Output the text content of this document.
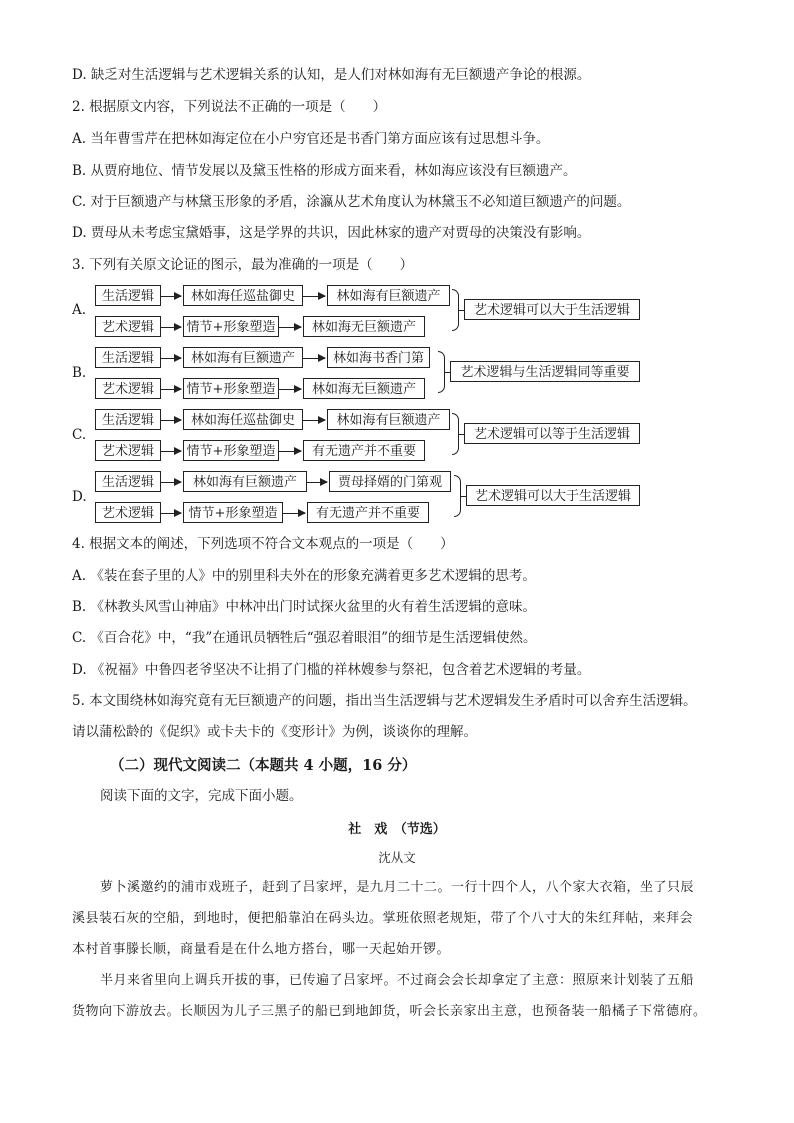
D. 缺乏对生活逻辑与艺术逻辑关系的认知，是人们对林如海有无巨额遗产争论的根源。
2. 根据原文内容，下列说法不正确的一项是（　　）
A. 当年曹雪芹在把林如海定位在小户穷官还是书香门第方面应该有过思想斗争。
B. 从贾府地位、情节发展以及黛玉性格的形成方面来看，林如海应该没有巨额遗产。
C. 对于巨额遗产与林黛玉形象的矛盾，涂瀛从艺术角度认为林黛玉不必知道巨额遗产的问题。
D. 贾母从未考虑宝黛婚事，这是学界的共识，因此林家的遗产对贾母的决策没有影响。
3. 下列有关原文论证的图示，最为准确的一项是（　　）
A.
生活逻辑	林如海任巡盐御史	林如海有巨额遗产
艺术逻辑	情节+形象塑造	林如海无巨额遗产
艺术逻辑可以大于生活逻辑
B.
生活逻辑	林如海有巨额遗产	林如海书香门第
艺术逻辑	情节+形象塑造	林如海无巨额遗产
艺术逻辑与生活逻辑同等重要
C.
生活逻辑	林如海任巡盐御史	林如海有巨额遗产
艺术逻辑	情节+形象塑造	有无遗产并不重要
艺术逻辑可以等于生活逻辑
D.
生活逻辑	林如海有巨额遗产	贾母择婿的门第观
艺术逻辑	情节+形象塑造	有无遗产并不重要
艺术逻辑可以大于生活逻辑
4. 根据文本的阐述，下列选项不符合文本观点的一项是（　　）
A. 《装在套子里的人》中的别里科夫外在的形象充满着更多艺术逻辑的思考。
B. 《林教头风雪山神庙》中林冲出门时试探火盆里的火有着生活逻辑的意味。
C. 《百合花》中，“我”在通讯员牺牲后“强忍着眼泪”的细节是生活逻辑使然。
D. 《祝福》中鲁四老爷坚决不让捐了门槛的祥林嫂参与祭祀，包含着艺术逻辑的考量。
5. 本文围绕林如海究竟有无巨额遗产的问题，指出当生活逻辑与艺术逻辑发生矛盾时可以舍弃生活逻辑。
请以蒲松龄的《促织》或卡夫卡的《变形计》为例，谈谈你的理解。
（二）现代文阅读二（本题共 4 小题，16 分）
阅读下面的文字，完成下面小题。
社　戏　（节选）
沈从文
萝卜溪邀约的浦市戏班子，赶到了吕家坪，是九月二十二。一行十四个人，八个家大衣箱，坐了只辰
溪县装石灰的空船，到地时，便把船靠泊在码头边。掌班依照老规矩，带了个八寸大的朱红拜帖，来拜会
本村首事滕长顺，商量看是在什么地方搭台，哪一天起始开锣。
半月来省里向上调兵开拔的事，已传遍了吕家坪。不过商会会长却拿定了主意：照原来计划装了五船
货物向下游放去。长顺因为儿子三黑子的船已到地卸货，听会长亲家出主意，也预备装一船橘子下常德府。
